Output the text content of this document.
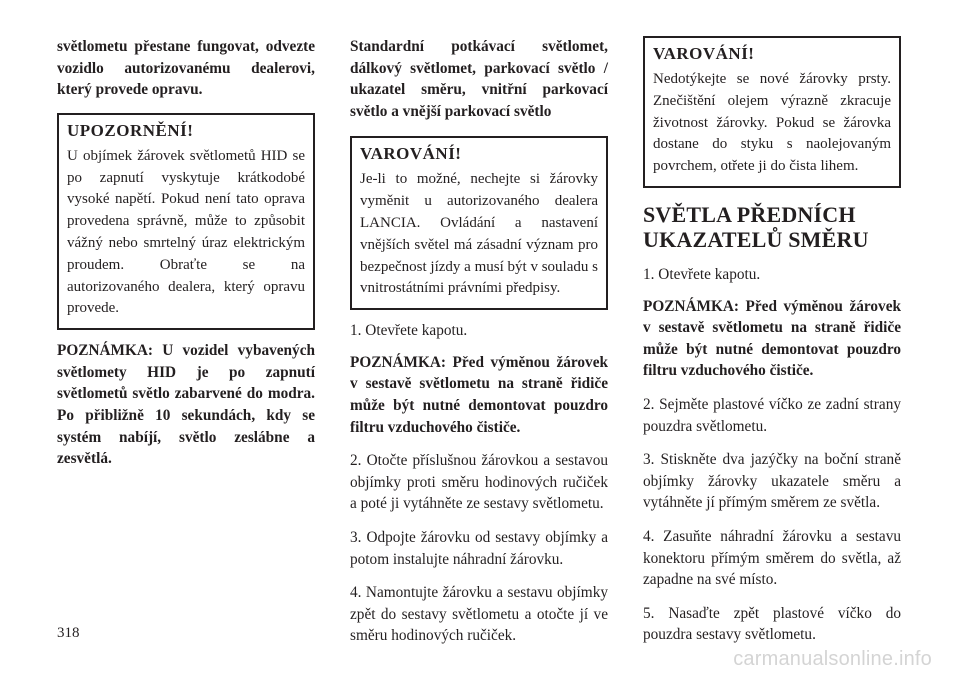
světlometu přestane fungovat, odvezte vozidlo autorizovanému dealerovi, který provede opravu.

UPOZORNĚNÍ!

U objímek žárovek světlometů HID se po zapnutí vyskytuje krátkodobé vysoké napětí. Pokud není tato oprava provedena správně, může to způsobit vážný nebo smrtelný úraz elektrickým proudem. Obraťte se na autorizovaného dealera, který opravu provede.

POZNÁMKA: U vozidel vybavených světlomety HID je po zapnutí světlometů světlo zabarvené do modra. Po přibližně 10 sekundách, kdy se systém nabíjí, světlo zeslábne a zesvětlá.

Standardní potkávací světlomet, dálkový světlomet, parkovací světlo / ukazatel směru, vnitřní parkovací světlo a vnější parkovací světlo

VAROVÁNÍ!

Je-li to možné, nechejte si žárovky vyměnit u autorizovaného dealera LANCIA. Ovládání a nastavení vnějších světel má zásadní význam pro bezpečnost jízdy a musí být v souladu s vnitrostátními právními předpisy.

1. Otevřete kapotu.

POZNÁMKA: Před výměnou žárovek v sestavě světlometu na straně řidiče může být nutné demontovat pouzdro filtru vzduchového čističe.

2. Otočte příslušnou žárovkou a sestavou objímky proti směru hodinových ručiček a poté ji vytáhněte ze sestavy světlometu.

3. Odpojte žárovku od sestavy objímky a potom instalujte náhradní žárovku.

4. Namontujte žárovku a sestavu objímky zpět do sestavy světlometu a otočte jí ve směru hodinových ručiček.

VAROVÁNÍ!

Nedotýkejte se nové žárovky prsty. Znečištění olejem výrazně zkracuje životnost žárovky. Pokud se žárovka dostane do styku s naolejovaným povrchem, otřete ji do čista lihem.

SVĚTLA PŘEDNÍCH UKAZATELŮ SMĚRU

1. Otevřete kapotu.

POZNÁMKA: Před výměnou žárovek v sestavě světlometu na straně řidiče může být nutné demontovat pouzdro filtru vzduchového čističe.

2. Sejměte plastové víčko ze zadní strany pouzdra světlometu.

3. Stiskněte dva jazýčky na boční straně objímky žárovky ukazatele směru a vytáhněte jí přímým směrem ze světla.

4. Zasuňte náhradní žárovku a sestavu konektoru přímým směrem do světla, až zapadne na své místo.

5. Nasaďte zpět plastové víčko do pouzdra sestavy světlometu.

318
carmanualsonline.info
